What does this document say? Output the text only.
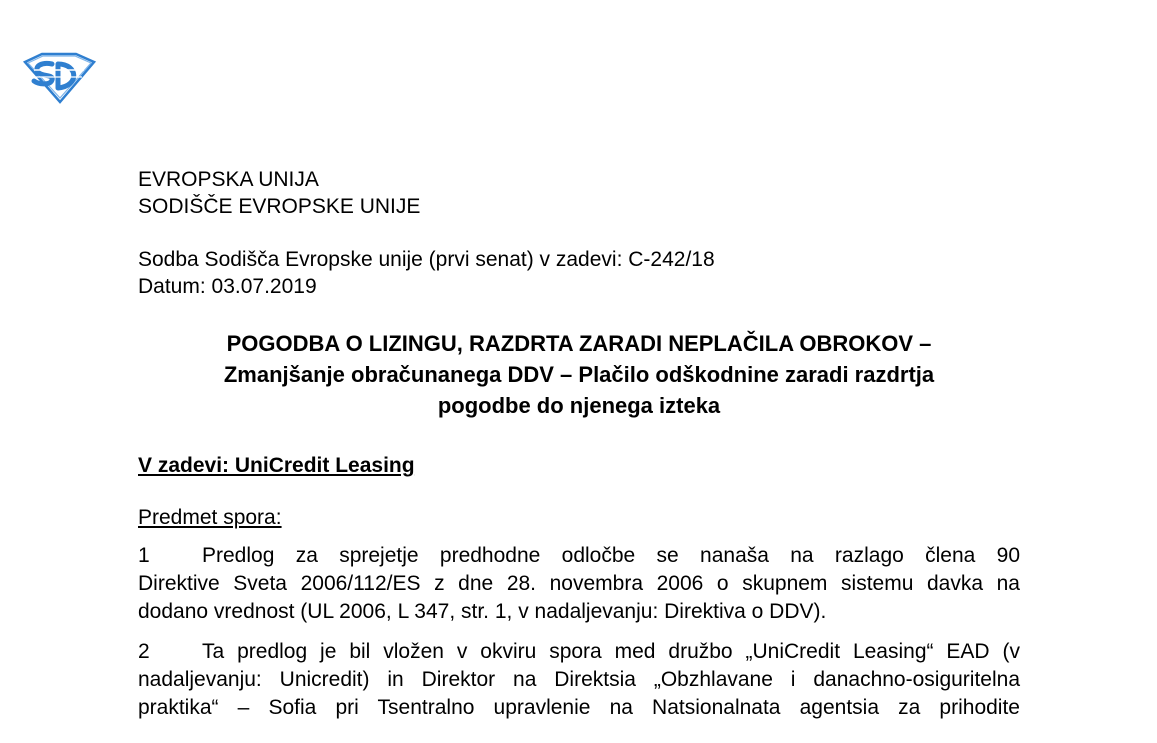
EVROPSKA UNIJA
SODIŠČE EVROPSKE UNIJE
Sodba Sodišča Evropske unije (prvi senat) v zadevi: C-242/18
Datum: 03.07.2019
POGODBA O LIZINGU, RAZDRTA ZARADI NEPLAČILA OBROKOV –
Zmanjšanje obračunanega DDV – Plačilo odškodnine zaradi razdrtja
pogodbe do njenega izteka
V zadevi: UniCredit Leasing
Predmet spora:
1 Predlog za sprejetje predhodne odločbe se nanaša na razlago člena 90
Direktive Sveta 2006/112/ES z dne 28. novembra 2006 o skupnem sistemu davka na
dodano vrednost (UL 2006, L 347, str. 1, v nadaljevanju: Direktiva o DDV).
2 Ta predlog je bil vložen v okviru spora med družbo „UniCredit Leasing“ EAD (v
nadaljevanju: Unicredit) in Direktor na Direktsia „Obzhlavane i danachno-osiguritelna
praktika“ – Sofia pri Tsentralno upravlenie na Natsionalnata agentsia za prihodite
